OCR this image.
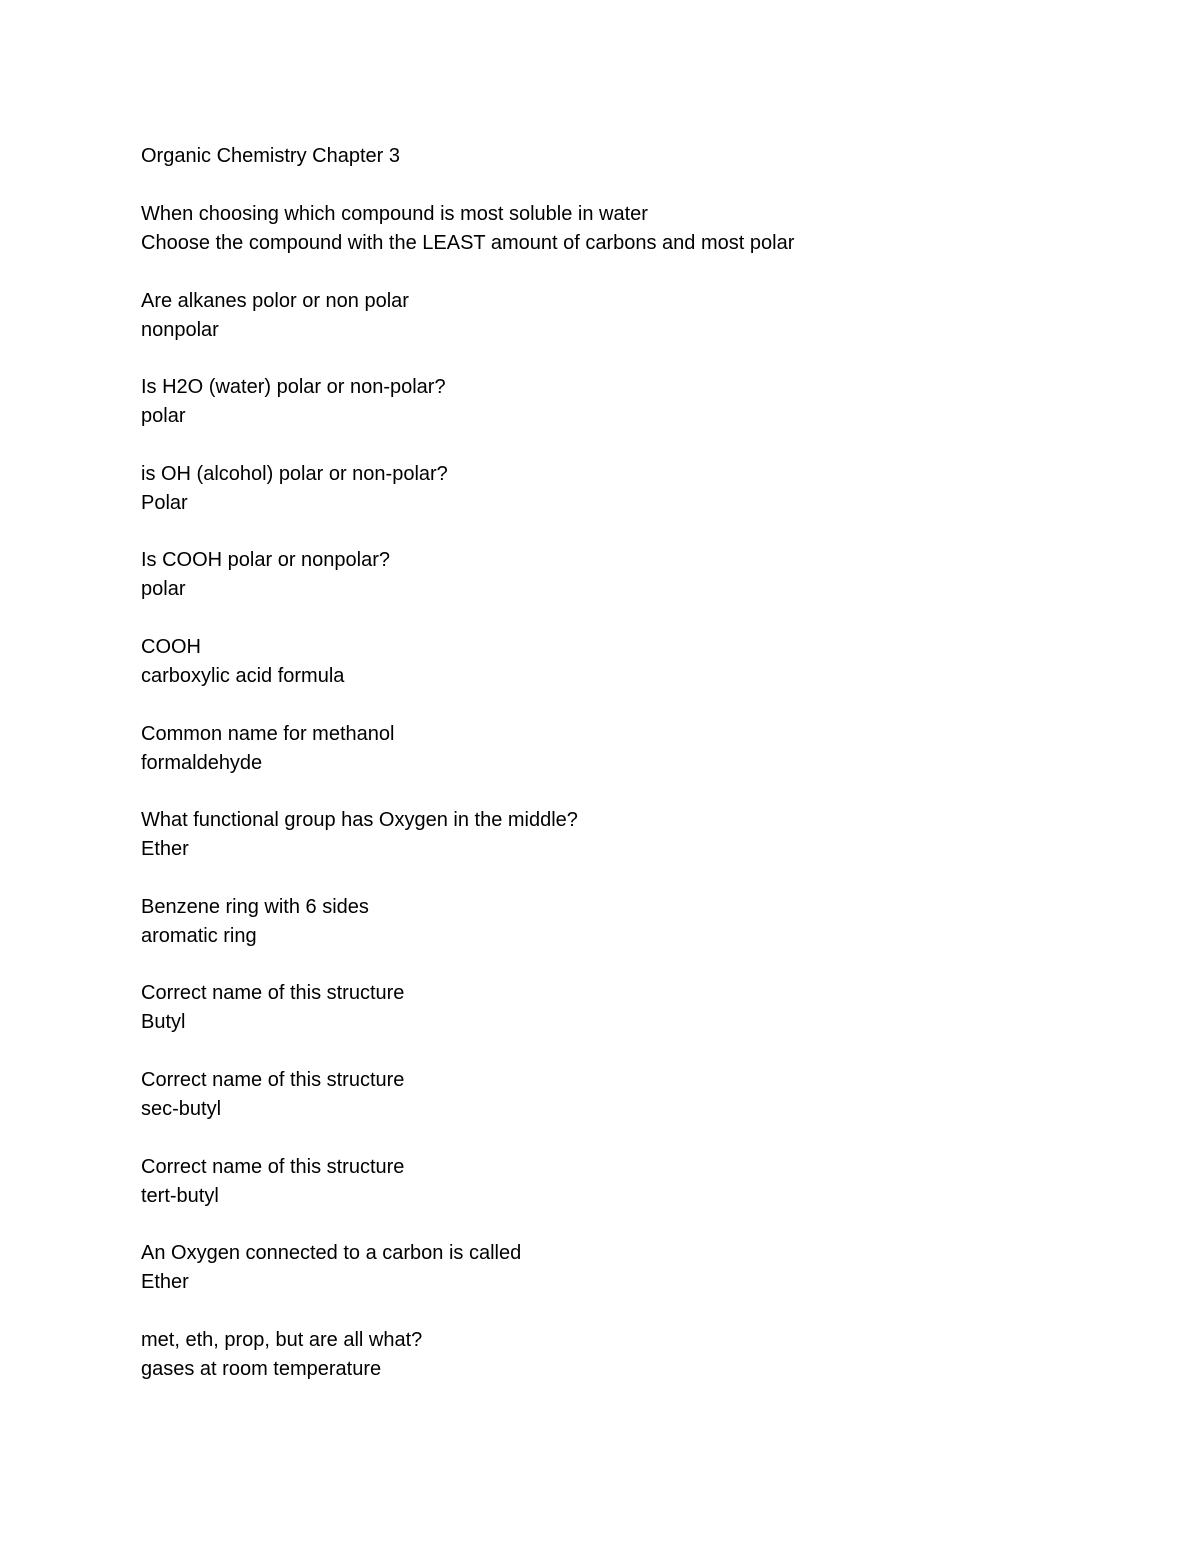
Organic Chemistry Chapter 3
When choosing which compound is most soluble in water
Choose the compound with the LEAST amount of carbons and most polar
Are alkanes polor or non polar
nonpolar
Is H2O (water) polar or non-polar?
polar
is OH (alcohol) polar or non-polar?
Polar
Is COOH polar or nonpolar?
polar
COOH
carboxylic acid formula
Common name for methanol
formaldehyde
What functional group has Oxygen in the middle?
Ether
Benzene ring with 6 sides
aromatic ring
Correct name of this structure
Butyl
Correct name of this structure
sec-butyl
Correct name of this structure
tert-butyl
An Oxygen connected to a carbon is called
Ether
met, eth, prop, but are all what?
gases at room temperature
